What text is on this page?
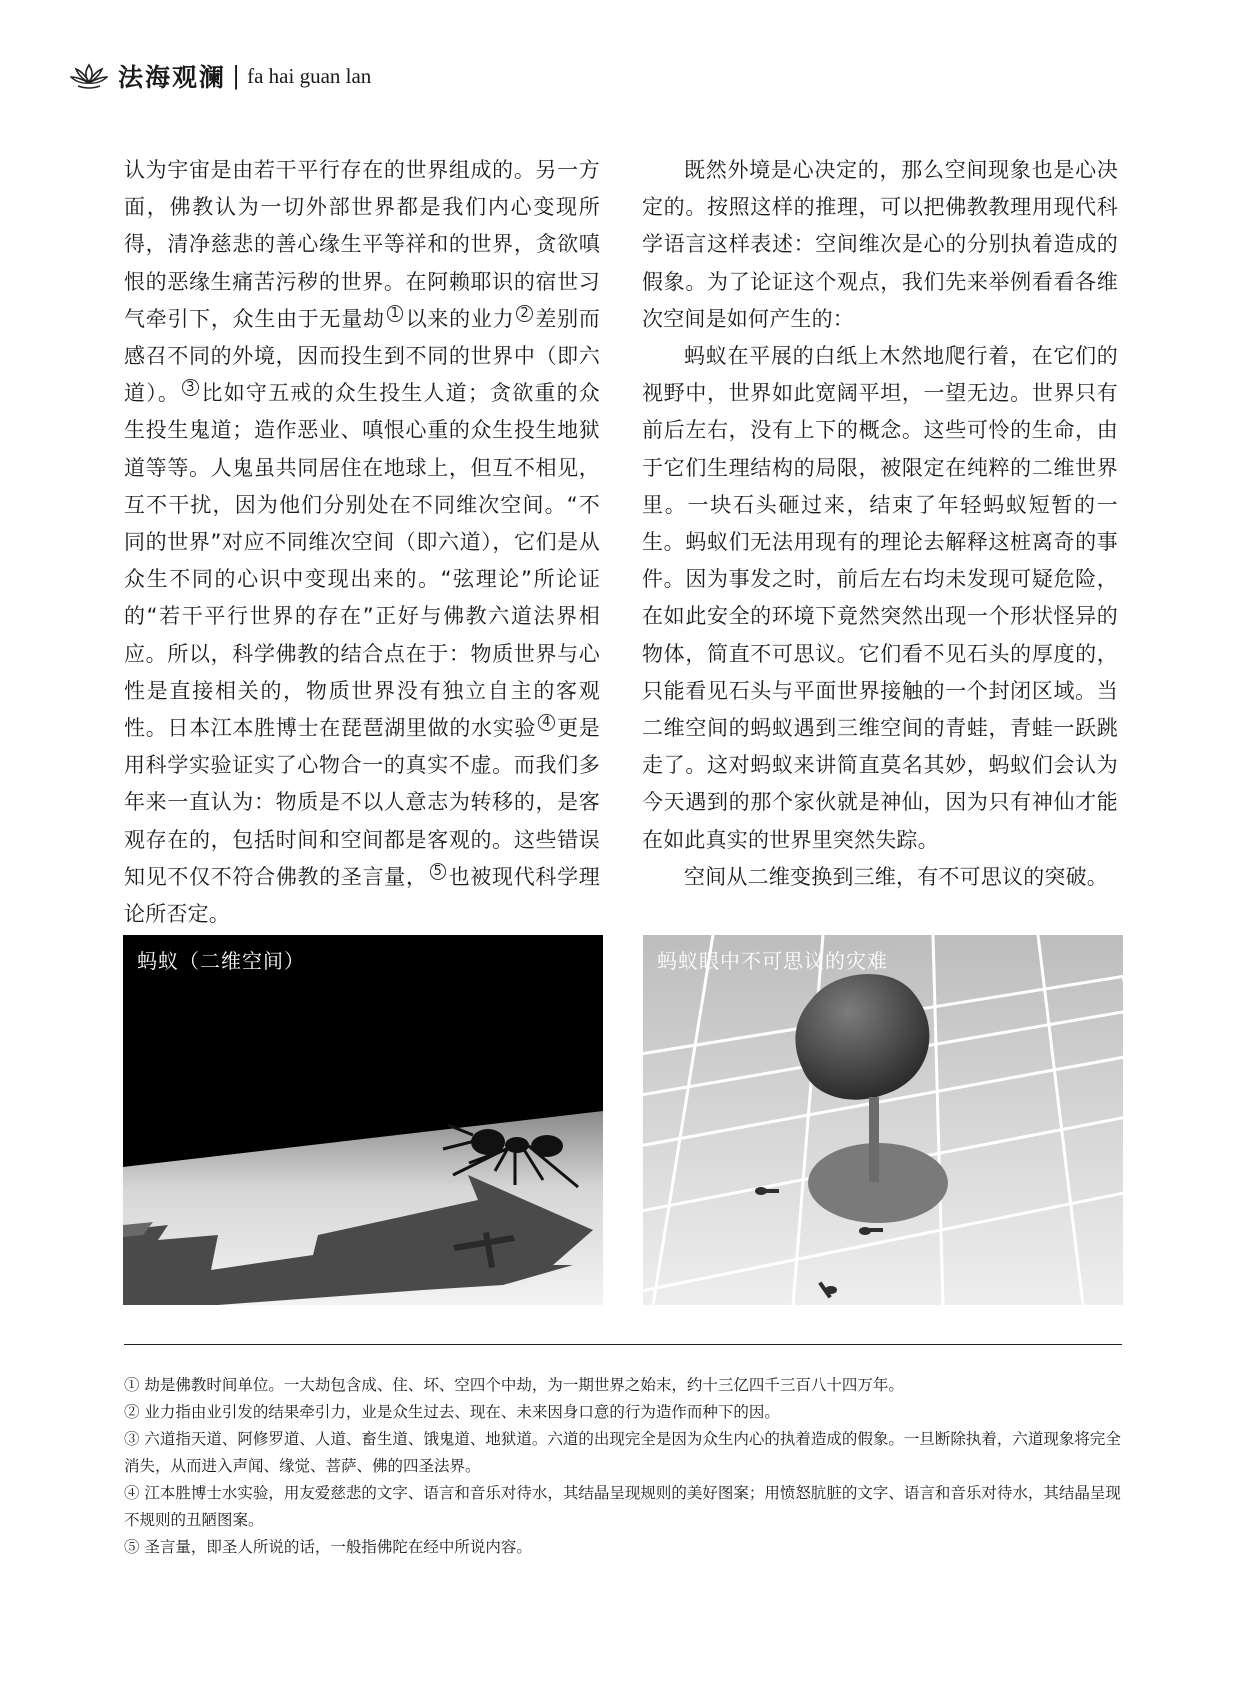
法海观澜 | fa hai guan lan

认为宇宙是由若干平行存在的世界组成的。另一方面，佛教认为一切外部世界都是我们内心变现所得，清净慈悲的善心缘生平等祥和的世界，贪欲嗔恨的恶缘生痛苦污秽的世界。在阿赖耶识的宿世习气牵引下，众生由于无量劫 $^1$ 以来的业力 $^2$ 差别而感召不同的外境，因而投生到不同的世界中（即六道）。 $^3$ 比如守五戒的众生投生人道；贪欲重的众生投生鬼道；造作恶业、嗔恨心重的众生投生地狱道等等。人鬼虽共同居住在地球上，但互不相见，互不干扰，因为他们分别处在不同维次空间。“不同的世界”对应不同维次空间（即六道），它们是从众生不同的心识中变现出来的。“弦理论”所论证的“若干平行世界的存在”正好与佛教六道法界相应。所以，科学佛教的结合点在于：物质世界与心性是直接相关的，物质世界没有独立自主的客观性。日本江本胜博士在琵琶湖里做的水实验 $^4$ 更是用科学实验证实了心物合一的真实不虚。而我们多年来一直认为：物质是不以人意志为转移的，是客观存在的，包括时间和空间都是客观的。这些错误知见不仅不符合佛教的圣言量， $^5$ 也被现代科学理论所否定。

既然外境是心决定的，那么空间现象也是心决定的。按照这样的推理，可以把佛教教理用现代科学语言这样表述：空间维次是心的分别执着造成的假象。为了论证这个观点，我们先来举例看看各维次空间是如何产生的：

蚂蚁在平展的白纸上木然地爬行着，在它们的视野中，世界如此宽阔平坦，一望无边。世界只有前后左右，没有上下的概念。这些可怜的生命，由于它们生理结构的局限，被限定在纯粹的二维世界里。一块石头砸过来，结束了年轻蚂蚁短暂的一生。蚂蚁们无法用现有的理论去解释这桩离奇的事件。因为事发之时，前后左右均未发现可疑危险，在如此安全的环境下竟然突然出现一个形状怪异的物体，简直不可思议。它们看不见石头的厚度的，只能看见石头与平面世界接触的一个封闭区域。当二维空间的蚂蚁遇到三维空间的青蛙，青蛙一跃跳走了。这对蚂蚁来讲简直莫名其妙，蚂蚁们会认为今天遇到的那个家伙就是神仙，因为只有神仙才能在如此真实的世界里突然失踪。

空间从二维变换到三维，有不可思议的突破。

蚂蚁（二维空间）	蚂蚁眼中不可思议的灾难

① 劫是佛教时间单位。一大劫包含成、住、坏、空四个中劫，为一期世界之始末，约十三亿四千三百八十四万年。

② 业力指由业引发的结果牵引力，业是众生过去、现在、未来因身口意的行为造作而种下的因。

③ 六道指天道、阿修罗道、人道、畜生道、饿鬼道、地狱道。六道的出现完全是因为众生内心的执着造成的假象。一旦断除执着，六道现象将完全消失，从而进入声闻、缘觉、菩萨、佛的四圣法界。

④ 江本胜博士水实验，用友爱慈悲的文字、语言和音乐对待水，其结晶呈现规则的美好图案；用愤怒肮脏的文字、语言和音乐对待水，其结晶呈现不规则的丑陋图案。

⑤ 圣言量，即圣人所说的话，一般指佛陀在经中所说内容。
